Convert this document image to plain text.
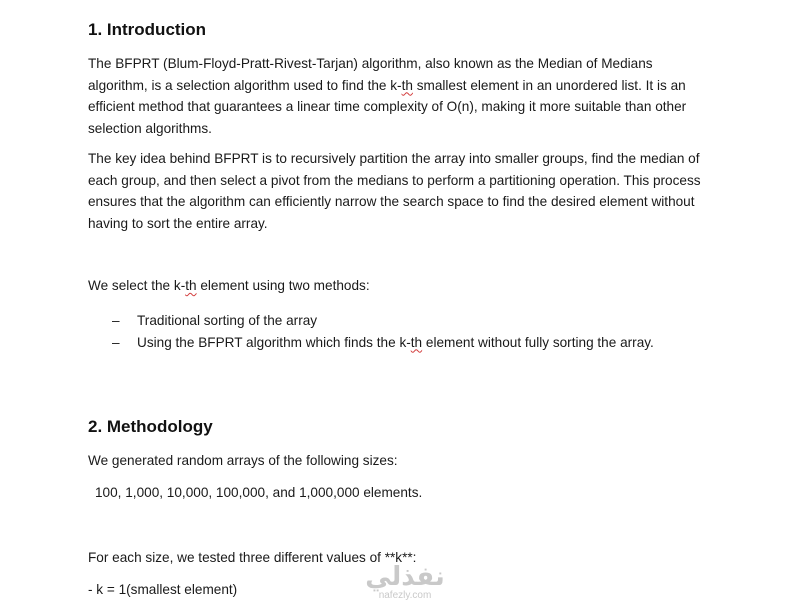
1. Introduction

The BFPRT (Blum-Floyd-Pratt-Rivest-Tarjan) algorithm, also known as the Median of Medians algorithm, is a selection algorithm used to find the k-th smallest element in an unordered list. It is an efficient method that guarantees a linear time complexity of O(n), making it more suitable than other selection algorithms.

The key idea behind BFPRT is to recursively partition the array into smaller groups, find the median of each group, and then select a pivot from the medians to perform a partitioning operation. This process ensures that the algorithm can efficiently narrow the search space to find the desired element without having to sort the entire array.

We select the k-th element using two methods:

– Traditional sorting of the array
– Using the BFPRT algorithm which finds the k-th element without fully sorting the array.
2. Methodology

We generated random arrays of the following sizes:

100, 1,000, 10,000, 100,000, and 1,000,000 elements.

For each size, we tested three different values of **k**:

- k = 1(smallest element)	نفذلي
nafezly.com
